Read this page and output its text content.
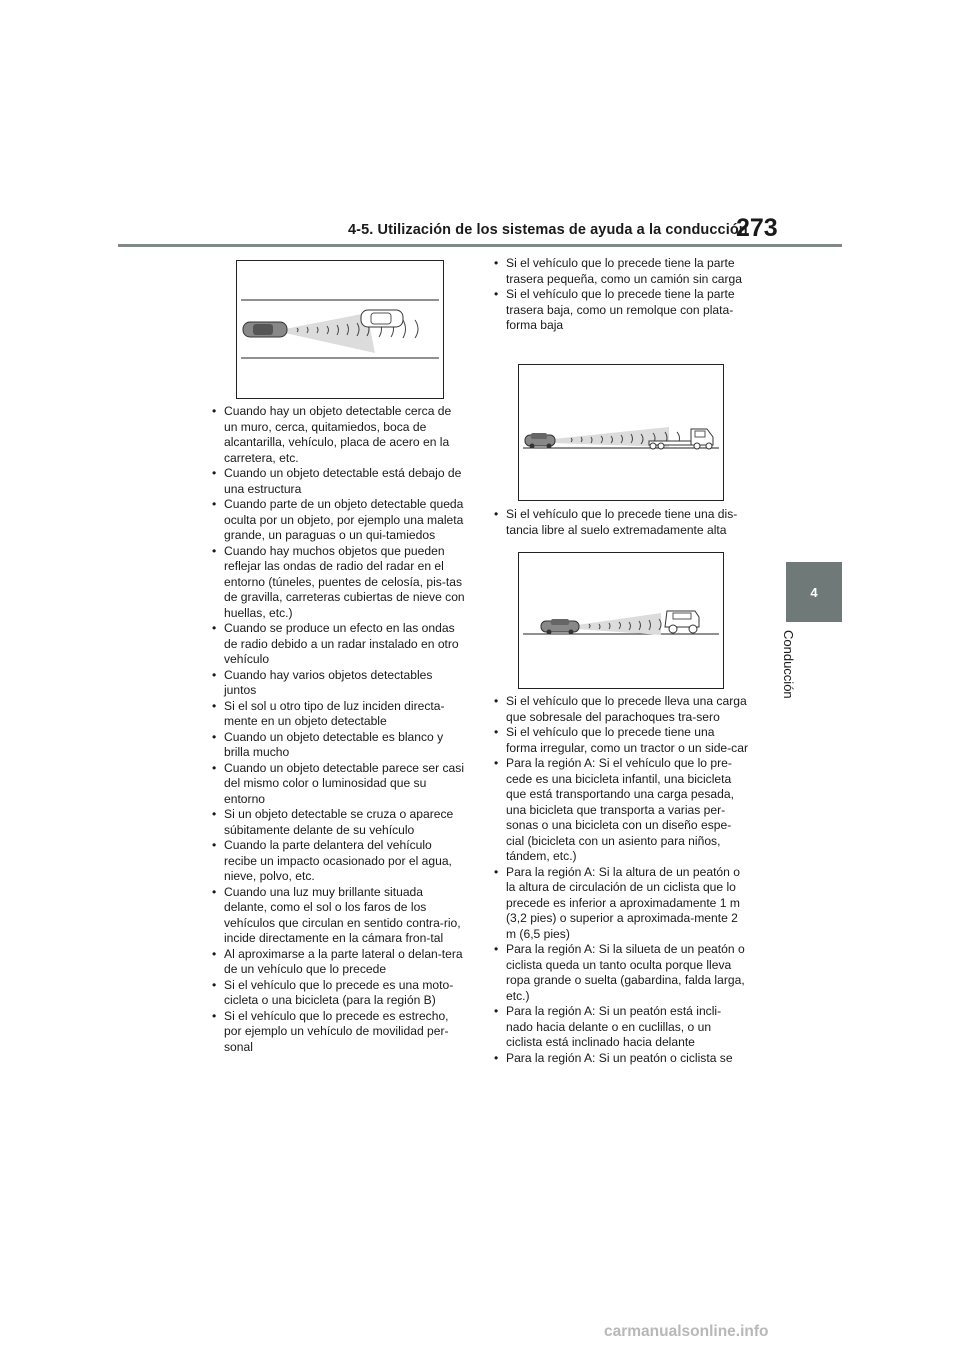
4-5. Utilización de los sistemas de ayuda a la conducción
273
4
Conducción
• Cuando hay un objeto detectable cerca de un muro, cerca, quitamiedos, boca de alcantarilla, vehículo, placa de acero en la carretera, etc.
• Cuando un objeto detectable está debajo de una estructura
• Cuando parte de un objeto detectable queda oculta por un objeto, por ejemplo una maleta grande, un paraguas o un qui-tamiedos
• Cuando hay muchos objetos que pueden reflejar las ondas de radio del radar en el entorno (túneles, puentes de celosía, pis-tas de gravilla, carreteras cubiertas de nieve con huellas, etc.)
• Cuando se produce un efecto en las ondas de radio debido a un radar instalado en otro vehículo
• Cuando hay varios objetos detectables juntos
• Si el sol u otro tipo de luz inciden directa-mente en un objeto detectable
• Cuando un objeto detectable es blanco y brilla mucho
• Cuando un objeto detectable parece ser casi del mismo color o luminosidad que su entorno
• Si un objeto detectable se cruza o aparece súbitamente delante de su vehículo
• Cuando la parte delantera del vehículo recibe un impacto ocasionado por el agua, nieve, polvo, etc.
• Cuando una luz muy brillante situada delante, como el sol o los faros de los vehículos que circulan en sentido contra-rio, incide directamente en la cámara fron-tal
• Al aproximarse a la parte lateral o delan-tera de un vehículo que lo precede
• Si el vehículo que lo precede es una moto-cicleta o una bicicleta (para la región B)
• Si el vehículo que lo precede es estrecho, por ejemplo un vehículo de movilidad per-sonal
• Si el vehículo que lo precede tiene la parte trasera pequeña, como un camión sin carga
• Si el vehículo que lo precede tiene la parte trasera baja, como un remolque con plata-forma baja
• Si el vehículo que lo precede tiene una dis-tancia libre al suelo extremadamente alta
• Si el vehículo que lo precede lleva una carga que sobresale del parachoques tra-sero
• Si el vehículo que lo precede tiene una forma irregular, como un tractor o un side-car
• Para la región A: Si el vehículo que lo pre-cede es una bicicleta infantil, una bicicleta que está transportando una carga pesada, una bicicleta que transporta a varias per-sonas o una bicicleta con un diseño espe-cial (bicicleta con un asiento para niños, tándem, etc.)
• Para la región A: Si la altura de un peatón o la altura de circulación de un ciclista que lo precede es inferior a aproximadamente 1 m (3,2 pies) o superior a aproximada-mente 2 m (6,5 pies)
• Para la región A: Si la silueta de un peatón o ciclista queda un tanto oculta porque lleva ropa grande o suelta (gabardina, falda larga, etc.)
• Para la región A: Si un peatón está incli-nado hacia delante o en cuclillas, o un ciclista está inclinado hacia delante
• Para la región A: Si un peatón o ciclista se
carmanualsonline.info
